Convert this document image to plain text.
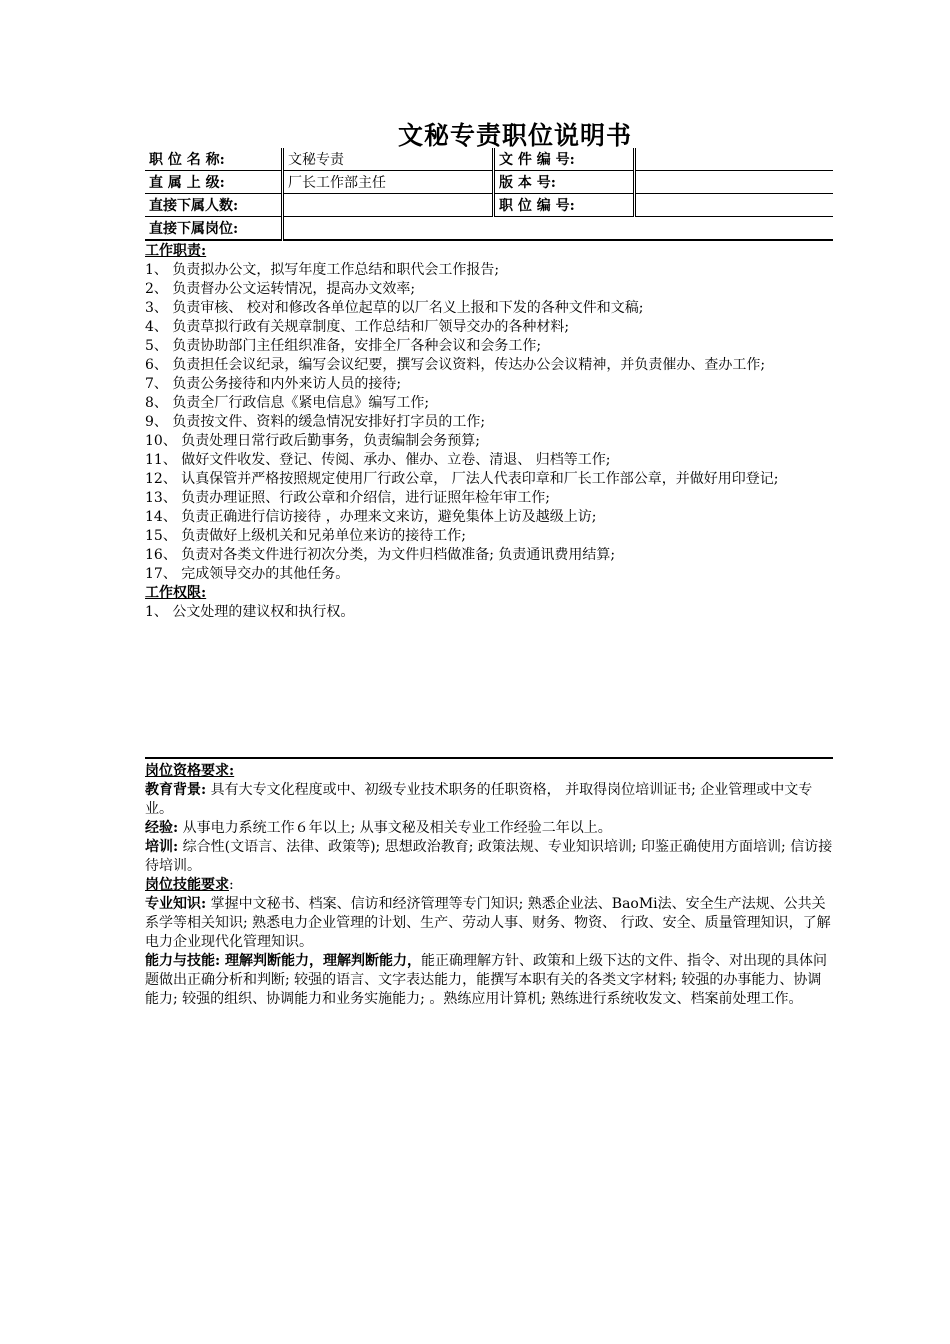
文秘专责职位说明书
职 位 名 称:	文秘专责	文 件 编 号:	
直 属 上 级:	厂长工作部主任	版 本 号:	
直接下属人数:		职 位 编 号:	
直接下属岗位:			
工作职责:
1、 负责拟办公文，拟写年度工作总结和职代会工作报告;
2、 负责督办公文运转情况，提高办文效率;
3、 负责审核、 校对和修改各单位起草的以厂名义上报和下发的各种文件和文稿;
4、 负责草拟行政有关规章制度、工作总结和厂领导交办的各种材料;
5、 负责协助部门主任组织准备，安排全厂各种会议和会务工作;
6、 负责担任会议纪录，编写会议纪要，撰写会议资料，传达办公会议精神，并负责催办、查办工作;
7、 负责公务接待和内外来访人员的接待;
8、 负责全厂行政信息《紧电信息》编写工作;
9、 负责按文件、资料的缓急情况安排好打字员的工作;
10、 负责处理日常行政后勤事务，负责编制会务预算;
11、 做好文件收发、登记、传阅、承办、催办、立卷、清退、 归档等工作;
12、 认真保管并严格按照规定使用厂行政公章， 厂法人代表印章和厂长工作部公章，并做好用印登记;
13、 负责办理证照、行政公章和介绍信，进行证照年检年审工作;
14、 负责正确进行信访接待 ，办理来文来访，避免集体上访及越级上访;
15、 负责做好上级机关和兄弟单位来访的接待工作;
16、 负责对各类文件进行初次分类，为文件归档做准备; 负责通讯费用结算;
17、 完成领导交办的其他任务。
工作权限:
1、 公文处理的建议权和执行权。
岗位资格要求:
教育背景: 具有大专文化程度或中、初级专业技术职务的任职资格， 并取得岗位培训证书; 企业管理或中文专业。
经验: 从事电力系统工作６年以上; 从事文秘及相关专业工作经验二年以上。
培训: 综合性(文语言、法律、政策等); 思想政治教育; 政策法规、专业知识培训; 印鉴正确使用方面培训; 信访接待培训。
岗位技能要求:
专业知识: 掌握中文秘书、档案、信访和经济管理等专门知识; 熟悉企业法、BaoMi法、安全生产法规、公共关系学等相关知识; 熟悉电力企业管理的计划、生产、劳动人事、财务、物资、 行政、安全、质量管理知识，了解电力企业现代化管理知识。
能力与技能: 理解判断能力，理解判断能力，能正确理解方针、政策和上级下达的文件、指令、对出现的具体问题做出正确分析和判断; 较强的语言、文字表达能力，能撰写本职有关的各类文字材料; 较强的办事能力、协调能力; 较强的组织、协调能力和业务实施能力; 。熟练应用计算机; 熟练进行系统收发文、档案前处理工作。
